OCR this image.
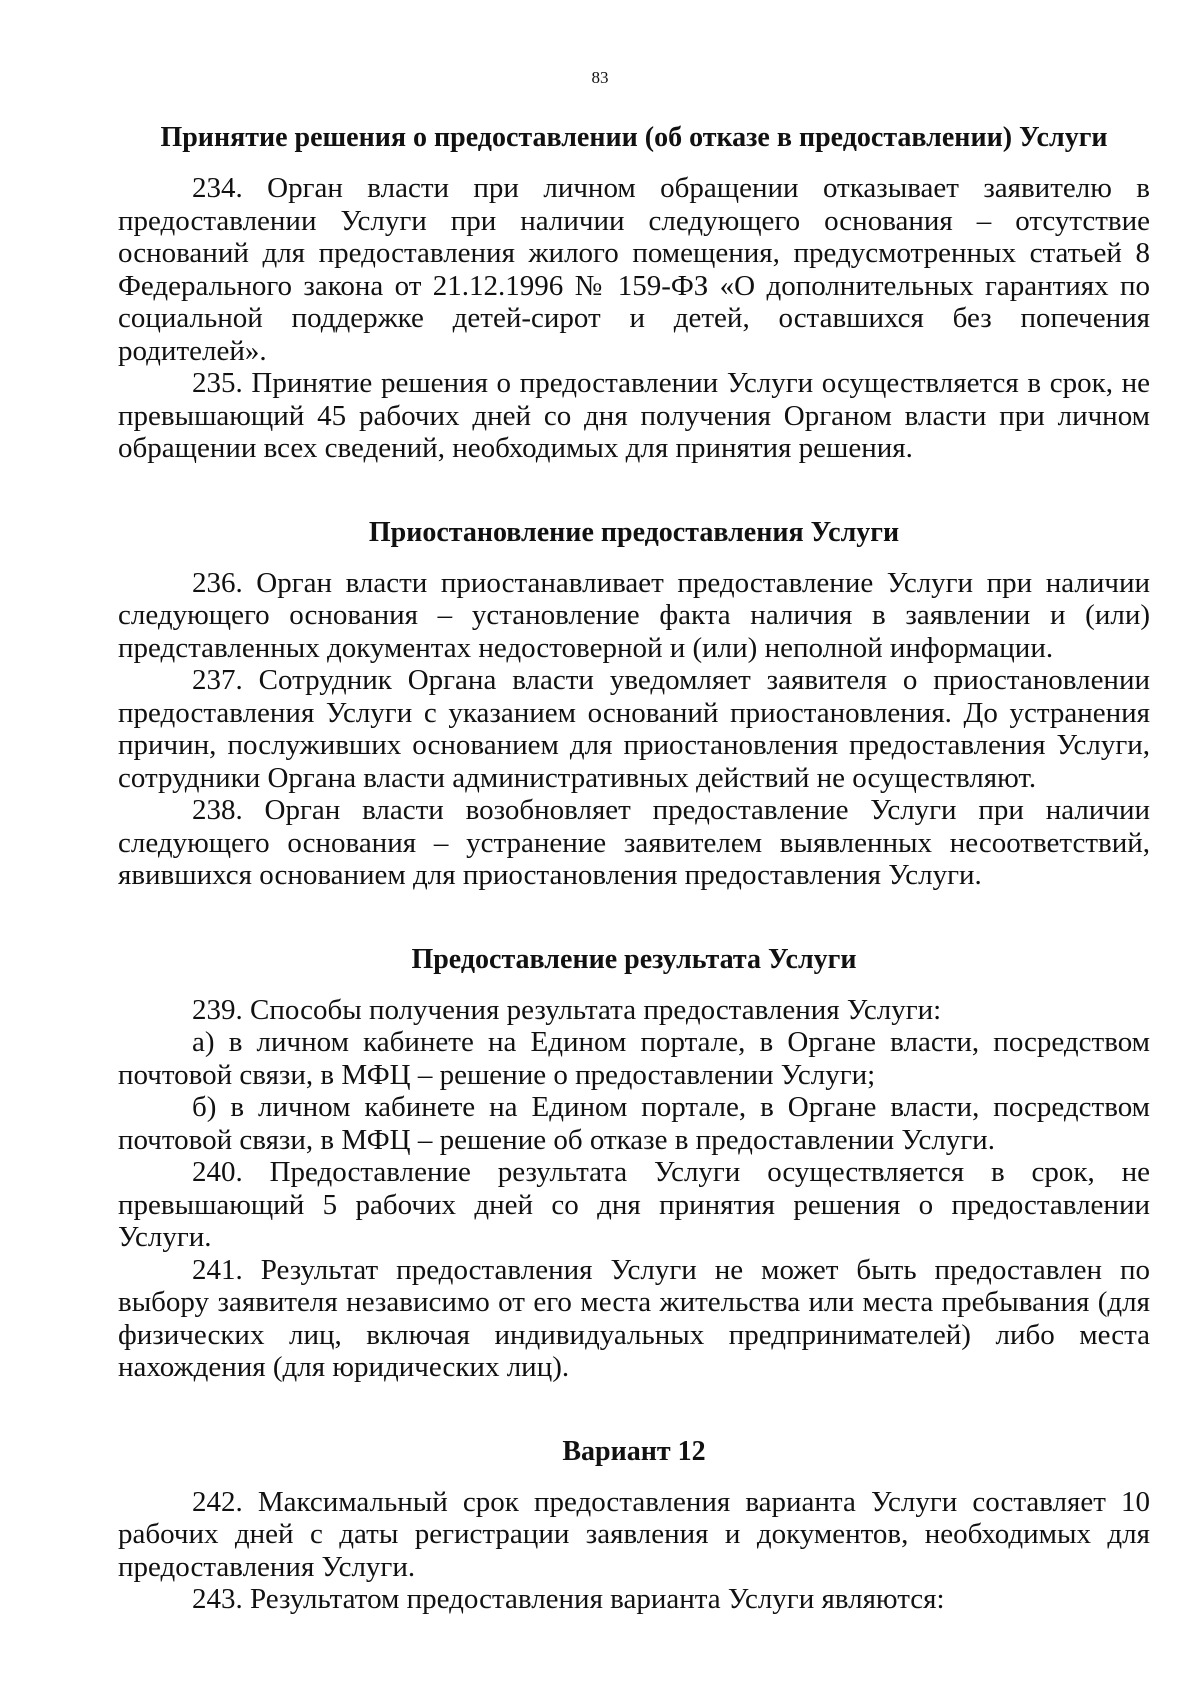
83
Принятие решения о предоставлении (об отказе в предоставлении) Услуги

234. Орган власти при личном обращении отказывает заявителю в предоставлении Услуги при наличии следующего основания – отсутствие оснований для предоставления жилого помещения, предусмотренных статьей 8 Федерального закона от 21.12.1996 № 159-ФЗ «О дополнительных гарантиях по социальной поддержке детей-сирот и детей, оставшихся без попечения родителей».

235. Принятие решения о предоставлении Услуги осуществляется в срок, не превышающий 45 рабочих дней со дня получения Органом власти при личном обращении всех сведений, необходимых для принятия решения.

Приостановление предоставления Услуги

236. Орган власти приостанавливает предоставление Услуги при наличии следующего основания – установление факта наличия в заявлении и (или) представленных документах недостоверной и (или) неполной информации.

237. Сотрудник Органа власти уведомляет заявителя о приостановлении предоставления Услуги с указанием оснований приостановления. До устранения причин, послуживших основанием для приостановления предоставления Услуги, сотрудники Органа власти административных действий не осуществляют.

238. Орган власти возобновляет предоставление Услуги при наличии следующего основания – устранение заявителем выявленных несоответствий, явившихся основанием для приостановления предоставления Услуги.

Предоставление результата Услуги

239. Способы получения результата предоставления Услуги:

а) в личном кабинете на Едином портале, в Органе власти, посредством почтовой связи, в МФЦ – решение о предоставлении Услуги;

б) в личном кабинете на Едином портале, в Органе власти, посредством почтовой связи, в МФЦ – решение об отказе в предоставлении Услуги.

240. Предоставление результата Услуги осуществляется в срок, не превышающий 5 рабочих дней со дня принятия решения о предоставлении Услуги.

241. Результат предоставления Услуги не может быть предоставлен по выбору заявителя независимо от его места жительства или места пребывания (для физических лиц, включая индивидуальных предпринимателей) либо места нахождения (для юридических лиц).

Вариант 12

242. Максимальный срок предоставления варианта Услуги составляет 10 рабочих дней с даты регистрации заявления и документов, необходимых для предоставления Услуги.

243. Результатом предоставления варианта Услуги являются:
